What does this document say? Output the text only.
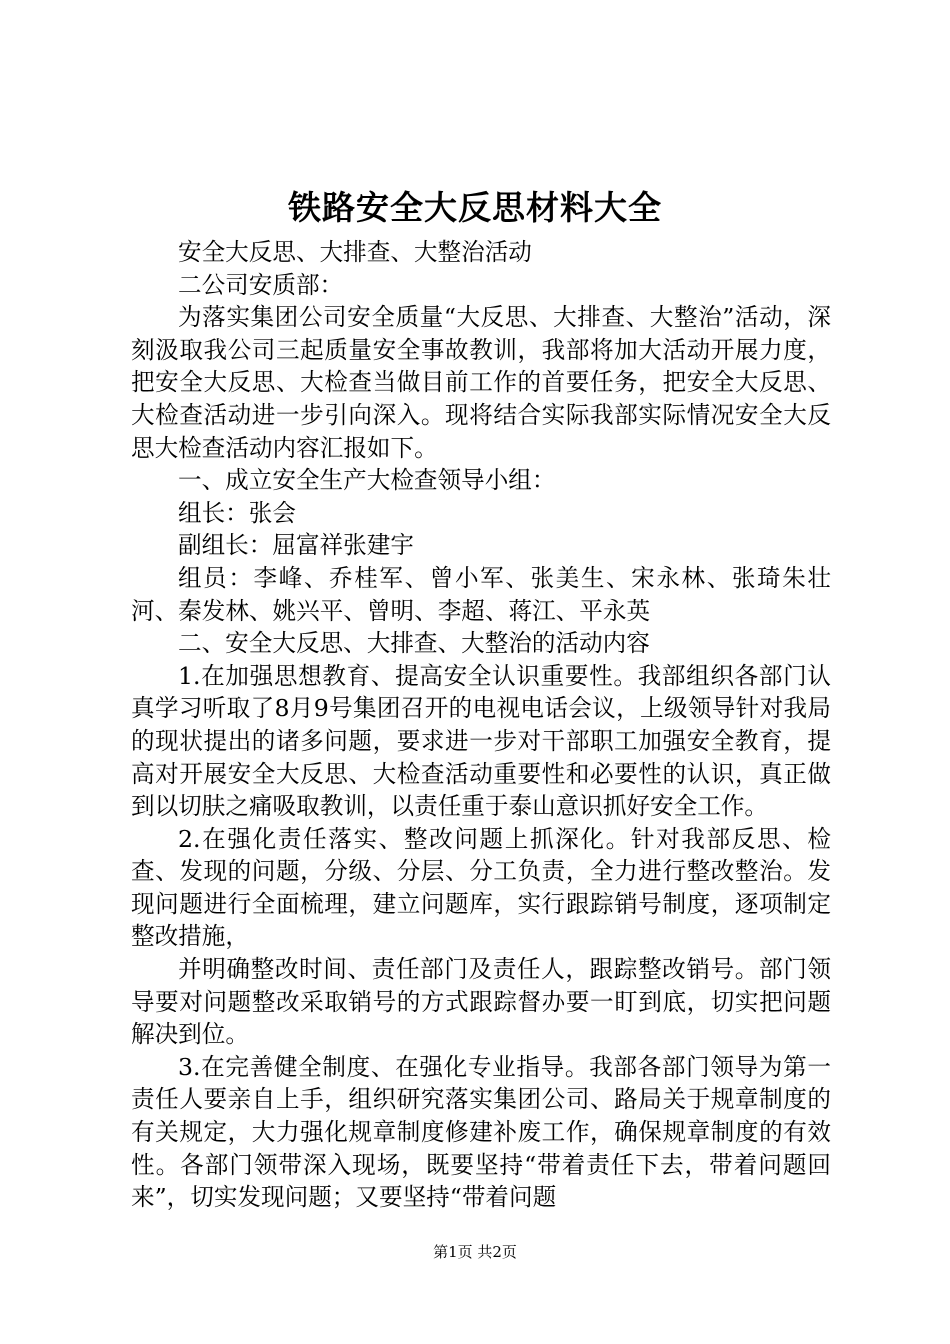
铁路安全大反思材料大全

安全大反思、大排查、大整治活动

二公司安质部：

为落实集团公司安全质量“大反思、大排查、大整治”活动，深刻汲取我公司三起质量安全事故教训，我部将加大活动开展力度，把安全大反思、大检查当做目前工作的首要任务，把安全大反思、大检查活动进一步引向深入。现将结合实际我部实际情况安全大反思大检查活动内容汇报如下。

一、成立安全生产大检查领导小组：

组长：张会

副组长：屈富祥张建宇

组员：李峰、乔桂军、曾小军、张美生、宋永林、张琦朱壮河、秦发林、姚兴平、曾明、李超、蒋江、平永英

二、安全大反思、大排查、大整治的活动内容

1.在加强思想教育、提高安全认识重要性。我部组织各部门认真学习听取了8月9号集团召开的电视电话会议，上级领导针对我局的现状提出的诸多问题，要求进一步对干部职工加强安全教育，提高对开展安全大反思、大检查活动重要性和必要性的认识，真正做到以切肤之痛吸取教训，以责任重于泰山意识抓好安全工作。

2.在强化责任落实、整改问题上抓深化。针对我部反思、检查、发现的问题，分级、分层、分工负责，全力进行整改整治。发现问题进行全面梳理，建立问题库，实行跟踪销号制度，逐项制定整改措施，

并明确整改时间、责任部门及责任人，跟踪整改销号。部门领导要对问题整改采取销号的方式跟踪督办要一盯到底，切实把问题解决到位。

3.在完善健全制度、在强化专业指导。我部各部门领导为第一责任人要亲自上手，组织研究落实集团公司、路局关于规章制度的有关规定，大力强化规章制度修建补废工作，确保规章制度的有效性。各部门领带深入现场，既要坚持“带着责任下去，带着问题回来”，切实发现问题；又要坚持“带着问题

第1页 共2页
